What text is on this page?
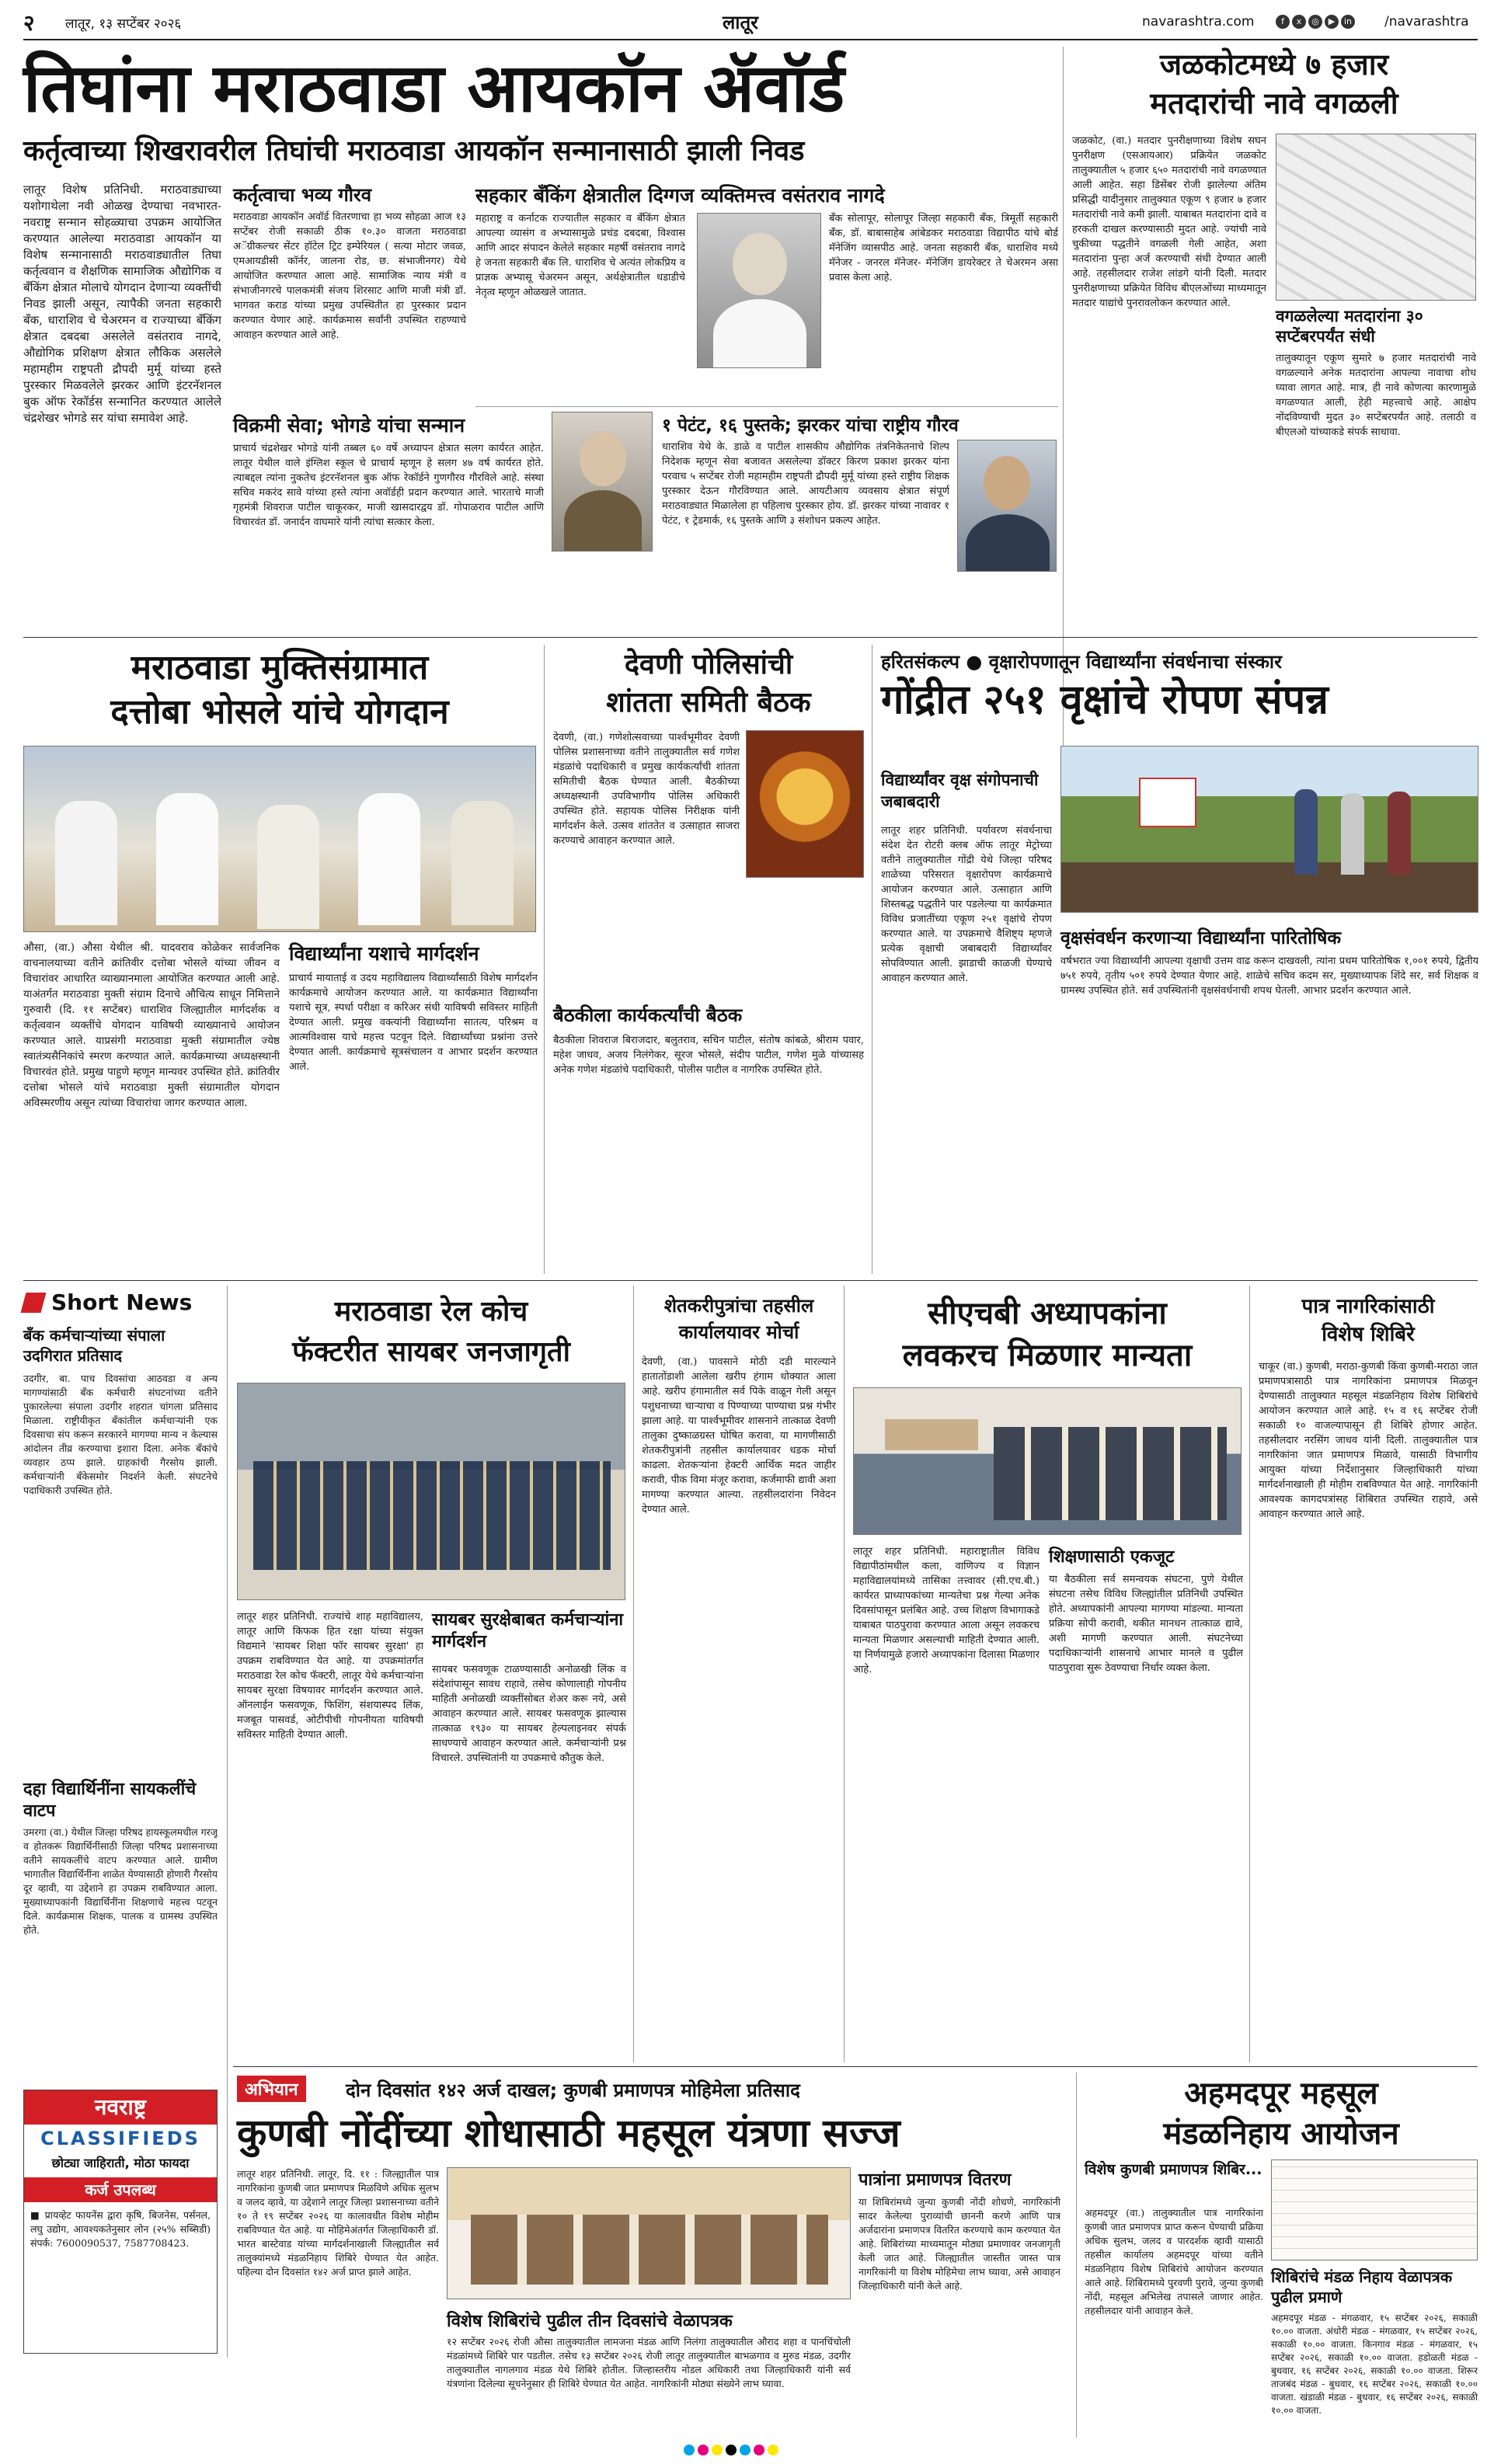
२ लातूर, १३ सप्टेंबर २०२६	लातूर	navarashtra.com	f x ◎ ▶ in	/navarashtra
तिघांना मराठवाडा आयकॉन ॲवॉर्ड
कर्तृत्वाच्या शिखरावरील तिघांची मराठवाडा आयकॉन सन्मानासाठी झाली निवड
जळकोटमध्ये ७ हजार
मतदारांची नावे वगळली
लातूर विशेष प्रतिनिधी. मराठवाड्याच्या यशोगाथेला नवी ओळख देण्याचा नवभारत-नवराष्ट्र सन्मान सोहळ्याचा उपक्रम आयोजित करण्यात आलेल्या मराठवाडा आयकॉन या विशेष सन्मानासाठी मराठवाड्यातील तिघा कर्तृत्ववान व शैक्षणिक सामाजिक औद्योगिक व बँकिंग क्षेत्रात मोलाचे योगदान देणाऱ्या व्यक्तींची निवड झाली असून, त्यापैकी जनता सहकारी बँक, धाराशिव चे चेअरमन व राज्याच्या बँकिंग क्षेत्रात दबदबा असलेले वसंतराव नागदे, औद्योगिक प्रशिक्षण क्षेत्रात लौकिक असलेले महामहीम राष्ट्रपती द्रौपदी मुर्मू यांच्या हस्ते पुरस्कार मिळवलेले झरकर आणि इंटरनॅशनल बुक ऑफ रेकॉर्डस सन्मानित करण्यात आलेले चंद्रशेखर भोगडे सर यांचा समावेश आहे.
कर्तृत्वाचा भव्य गौरव
मराठवाडा आयकॉन अवॉर्ड वितरणाचा हा भव्य सोहळा आज १३ सप्टेंबर रोजी सकाळी ठीक १०.३० वाजता मराठवाडा अॅग्रीकल्चर सेंटर हॉटेल ट्रिट इम्पेरियल ( सत्या मोटार जवळ, एमआयडीसी कॉर्नर, जालना रोड, छ. संभाजीनगर) येथे आयोजित करण्यात आला आहे. सामाजिक न्याय मंत्री व संभाजीनगरचे पालकमंत्री संजय शिरसाट आणि माजी मंत्री डॉ. भागवत कराड यांच्या प्रमुख उपस्थितीत हा पुरस्कार प्रदान करण्यात येणार आहे. कार्यक्रमास सर्वांनी उपस्थित राहण्याचे आवाहन करण्यात आले आहे.
सहकार बँकिंग क्षेत्रातील दिग्गज व्यक्तिमत्त्व वसंतराव नागदे
महाराष्ट्र व कर्नाटक राज्यातील सहकार व बँकिंग क्षेत्रात आपल्या व्यासंग व अभ्यासामुळे प्रचंड दबदबा, विश्वास आणि आदर संपादन केलेले सहकार महर्षी वसंतराव नागदे हे जनता सहकारी बँक लि. धाराशिव चे अत्यंत लोकप्रिय व प्राज्ञक अभ्यासू चेअरमन असून, अर्थक्षेत्रातील धडाडीचे नेतृत्व म्हणून ओळखले जातात.
बँक सोलापूर, सोलापूर जिल्हा सहकारी बँक, त्रिमूर्ती सहकारी बँक, डॉ. बाबासाहेब आंबेडकर मराठवाडा विद्यापीठ यांचे बोर्ड मॅनेजिंग व्यासपीठ आहे. जनता सहकारी बँक, धाराशिव मध्ये मॅनेजर - जनरल मॅनेजर- मॅनेजिंग डायरेक्टर ते चेअरमन असा प्रवास केला आहे.
विक्रमी सेवा; भोगडे यांचा सन्मान
प्राचार्य चंद्रशेखर भोगडे यांनी तब्बल ६० वर्षे अध्यापन क्षेत्रात सलग कार्यरत आहेत. लातूर येथील वाले इंग्लिश स्कूल चे प्राचार्य म्हणून हे सलग ४७ वर्ष कार्यरत होते. त्याबद्दल त्यांना नुकतेच इंटरनॅशनल बुक ऑफ रेकॉर्डने गुणगौरव गौरविले आहे. संस्था सचिव मकरंद सावे यांच्या हस्ते त्यांना अवॉर्डही प्रदान करण्यात आले. भारताचे माजी गृहमंत्री शिवराज पाटील चाकूरकर, माजी खासदारद्वय डॉ. गोपाळराव पाटील आणि विचारवंत डॉ. जनार्दन वाघमारे यांनी त्यांचा सत्कार केला.
१ पेटंट, १६ पुस्तके; झरकर यांचा राष्ट्रीय गौरव
धाराशिव येथे के. डाळे व पाटील शासकीय औद्योगिक तंत्रनिकेतनाचे शिल्प निदेशक म्हणून सेवा बजावत असलेल्या डॉक्टर किरण प्रकाश झरकर यांना परवाच ५ सप्टेंबर रोजी महामहीम राष्ट्रपती द्रौपदी मुर्मू यांच्या हस्ते राष्ट्रीय शिक्षक पुरस्कार देऊन गौरविण्यात आले. आयटीआय व्यवसाय क्षेत्रात संपूर्ण मराठवाड्यात मिळालेला हा पहिलाच पुरस्कार होय. डॉ. झरकर यांच्या नावावर १ पेटंट, १ ट्रेडमार्क, १६ पुस्तके आणि ३ संशोधन प्रकल्प आहेत.
जळकोट, (वा.) मतदार पुनरीक्षणाच्या विशेष सघन पुनरीक्षण (एसआयआर) प्रक्रियेत जळकोट तालुक्यातील ५ हजार ६५० मतदारांची नावे वगळण्यात आली आहेत. सहा डिसेंबर रोजी झालेल्या अंतिम प्रसिद्धी यादीनुसार तालुक्यात एकूण ९ हजार ७ हजार मतदारांची नावे कमी झाली. याबाबत मतदारांना दावे व हरकती दाखल करण्यासाठी मुदत आहे. ज्यांची नावे चुकीच्या पद्धतीने वगळली गेली आहेत, अशा मतदारांना पुन्हा अर्ज करण्याची संधी देण्यात आली आहे. तहसीलदार राजेश लांडगे यांनी दिली. मतदार पुनरीक्षणाच्या प्रक्रियेत विविध बीएलओंच्या माध्यमातून मतदार याद्यांचे पुनरावलोकन करण्यात आले.
वगळलेल्या मतदारांना ३० सप्टेंबरपर्यंत संधी
तालुक्यातून एकूण सुमारे ७ हजार मतदारांची नावे वगळल्याने अनेक मतदारांना आपल्या नावाचा शोध घ्यावा लागत आहे. मात्र, ही नावे कोणत्या कारणामुळे वगळण्यात आली, हेही महत्त्वाचे आहे. आक्षेप नोंदविण्याची मुदत ३० सप्टेंबरपर्यंत आहे. तलाठी व बीएलओ यांच्याकडे संपर्क साधावा.
मराठवाडा मुक्तिसंग्रामात
दत्तोबा भोसले यांचे योगदान
औसा, (वा.) औसा येथील श्री. यादवराव कोळेकर सार्वजनिक वाचनालयाच्या वतीने क्रांतिवीर दत्तोबा भोसले यांच्या जीवन व विचारांवर आधारित व्याख्यानमाला आयोजित करण्यात आली आहे. याअंतर्गत मराठवाडा मुक्ती संग्राम दिनाचे औचित्य साधून निमित्ताने गुरुवारी (दि. ११ सप्टेंबर) धाराशिव जिल्ह्यातील मार्गदर्शक व कर्तृत्ववान व्यक्तींचे योगदान याविषयी व्याख्यानाचे आयोजन करण्यात आले. याप्रसंगी मराठवाडा मुक्ती संग्रामातील ज्येष्ठ स्वातंत्र्यसैनिकांचे स्मरण करण्यात आले. कार्यक्रमाच्या अध्यक्षस्थानी विचारवंत होते. प्रमुख पाहुणे म्हणून मान्यवर उपस्थित होते. क्रांतिवीर दत्तोबा भोसले यांचे मराठवाडा मुक्ती संग्रामातील योगदान अविस्मरणीय असून त्यांच्या विचारांचा जागर करण्यात आला.
विद्यार्थ्यांना यशाचे मार्गदर्शन
प्राचार्य मायाताई व उदय महाविद्यालय विद्यार्थ्यांसाठी विशेष मार्गदर्शन कार्यक्रमाचे आयोजन करण्यात आले. या कार्यक्रमात विद्यार्थ्यांना यशाचे सूत्र, स्पर्धा परीक्षा व करिअर संधी याविषयी सविस्तर माहिती देण्यात आली. प्रमुख वक्त्यांनी विद्यार्थ्यांना सातत्य, परिश्रम व आत्मविश्वास याचे महत्त्व पटवून दिले. विद्यार्थ्यांच्या प्रश्नांना उत्तरे देण्यात आली. कार्यक्रमाचे सूत्रसंचालन व आभार प्रदर्शन करण्यात आले.
देवणी पोलिसांची
शांतता समिती बैठक
देवणी, (वा.) गणेशोत्सवाच्या पार्श्वभूमीवर देवणी पोलिस प्रशासनाच्या वतीने तालुक्यातील सर्व गणेश मंडळांचे पदाधिकारी व प्रमुख कार्यकर्त्यांची शांतता समितीची बैठक घेण्यात आली. बैठकीच्या अध्यक्षस्थानी उपविभागीय पोलिस अधिकारी उपस्थित होते. सहायक पोलिस निरीक्षक यांनी मार्गदर्शन केले. उत्सव शांततेत व उत्साहात साजरा करण्याचे आवाहन करण्यात आले.
बैठकीला कार्यकर्त्यांची बैठक
बैठकीला शिवराज बिराजदार, बलुतराव, सचिन पाटील, संतोष कांबळे, श्रीराम पवार, महेश जाधव, अजय निलंगेकर, सूरज भोसले, संदीप पाटील, गणेश मुळे यांच्यासह अनेक गणेश मंडळांचे पदाधिकारी, पोलीस पाटील व नागरिक उपस्थित होते.
हरितसंकल्प ● वृक्षारोपणातून विद्यार्थ्यांना संवर्धनाचा संस्कार
गोंद्रीत २५१ वृक्षांचे रोपण संपन्न
विद्यार्थ्यांवर वृक्ष संगोपनाची जबाबदारी
लातूर शहर प्रतिनिधी. पर्यावरण संवर्धनाचा संदेश देत रोटरी क्लब ऑफ लातूर मेट्रोच्या वतीने तालुक्यातील गोंद्री येथे जिल्हा परिषद शाळेच्या परिसरात वृक्षारोपण कार्यक्रमाचे आयोजन करण्यात आले. उत्साहात आणि शिस्तबद्ध पद्धतीने पार पडलेल्या या कार्यक्रमात विविध प्रजातींच्या एकूण २५१ वृक्षांचे रोपण करण्यात आले. या उपक्रमाचे वैशिष्ट्य म्हणजे प्रत्येक वृक्षाची जबाबदारी विद्यार्थ्यांवर सोपविण्यात आली. झाडाची काळजी घेण्याचे आवाहन करण्यात आले.
वृक्षसंवर्धन करणाऱ्या विद्यार्थ्यांना पारितोषिक
वर्षभरात ज्या विद्यार्थ्यांनी आपल्या वृक्षाची उत्तम वाढ करून दाखवली, त्यांना प्रथम पारितोषिक १,००१ रुपये, द्वितीय ७५१ रुपये, तृतीय ५०१ रुपये देण्यात येणार आहे. शाळेचे सचिव कदम सर, मुख्याध्यापक शिंदे सर, सर्व शिक्षक व ग्रामस्थ उपस्थित होते. सर्व उपस्थितांनी वृक्षसंवर्धनाची शपथ घेतली. आभार प्रदर्शन करण्यात आले.
Short News
बँक कर्मचाऱ्यांच्या संपाला उदगिरात प्रतिसाद
उदगीर, बा. पाच दिवसांचा आठवडा व अन्य मागण्यांसाठी बँक कर्मचारी संघटनांच्या वतीने पुकारलेल्या संपाला उदगीर शहरात चांगला प्रतिसाद मिळाला. राष्ट्रीयीकृत बँकांतील कर्मचाऱ्यांनी एक दिवसाचा संप करून सरकारने मागण्या मान्य न केल्यास आंदोलन तीव्र करण्याचा इशारा दिला. अनेक बँकांचे व्यवहार ठप्प झाले. ग्राहकांची गैरसोय झाली. कर्मचाऱ्यांनी बँकेसमोर निदर्शने केली. संघटनेचे पदाधिकारी उपस्थित होते.
दहा विद्यार्थिनींना सायकलींचे वाटप
उमरगा (वा.) येथील जिल्हा परिषद हायस्कूलमधील गरजू व होतकरू विद्यार्थिनींसाठी जिल्हा परिषद प्रशासनाच्या वतीने सायकलींचे वाटप करण्यात आले. ग्रामीण भागातील विद्यार्थिनींना शाळेत येण्यासाठी होणारी गैरसोय दूर व्हावी, या उद्देशाने हा उपक्रम राबविण्यात आला. मुख्याध्यापकांनी विद्यार्थिनींना शिक्षणाचे महत्त्व पटवून दिले. कार्यक्रमास शिक्षक, पालक व ग्रामस्थ उपस्थित होते.
नवराष्ट्र
CLASSIFIEDS
छोट्या जाहिराती, मोठा फायदा
कर्ज उपलब्ध
■ प्रायव्हेट फायनेंस द्वारा कृषि, बिजनेस, पर्सनल, लघु उद्योग, आवश्यकतेनुसार लोन (२५% सब्सिडी) संपर्क: 7600090537, 7587708423.
मराठवाडा रेल कोच
फॅक्टरीत सायबर जनजागृती
लातूर शहर प्रतिनिधी. राज्यांचे शाह महाविद्यालय, लातूर आणि किफक हित रक्षा यांच्या संयुक्त विद्यमाने 'सायबर शिक्षा फॉर सायबर सुरक्षा' हा उपक्रम राबविण्यात येत आहे. या उपक्रमांतर्गत मराठवाडा रेल कोच फॅक्टरी, लातूर येथे कर्मचाऱ्यांना सायबर सुरक्षा विषयावर मार्गदर्शन करण्यात आले. ऑनलाईन फसवणूक, फिशिंग, संशयास्पद लिंक, मजबूत पासवर्ड, ओटीपीची गोपनीयता याविषयी सविस्तर माहिती देण्यात आली.
सायबर सुरक्षेबाबत कर्मचाऱ्यांना मार्गदर्शन
सायबर फसवणूक टाळण्यासाठी अनोळखी लिंक व संदेशांपासून सावध राहावे, तसेच कोणालाही गोपनीय माहिती अनोळखी व्यक्तींसोबत शेअर करू नये, असे आवाहन करण्यात आले. सायबर फसवणूक झाल्यास तात्काळ १९३० या सायबर हेल्पलाइनवर संपर्क साधण्याचे आवाहन करण्यात आले. कर्मचाऱ्यांनी प्रश्न विचारले. उपस्थितांनी या उपक्रमाचे कौतुक केले.
शेतकरीपुत्रांचा तहसील
कार्यालयावर मोर्चा
देवणी, (वा.) पावसाने मोठी दडी मारल्याने हातातोंडाशी आलेला खरीप हंगाम धोक्यात आला आहे. खरीप हंगामातील सर्व पिके वाळून गेली असून पशुधनाच्या चाऱ्याचा व पिण्याच्या पाण्याचा प्रश्न गंभीर झाला आहे. या पार्श्वभूमीवर शासनाने तात्काळ देवणी तालुका दुष्काळग्रस्त घोषित करावा, या मागणीसाठी शेतकरीपुत्रांनी तहसील कार्यालयावर धडक मोर्चा काढला. शेतकऱ्यांना हेक्टरी आर्थिक मदत जाहीर करावी, पीक विमा मंजूर करावा, कर्जमाफी द्यावी अशा मागण्या करण्यात आल्या. तहसीलदारांना निवेदन देण्यात आले.
सीएचबी अध्यापकांना
लवकरच मिळणार मान्यता
लातूर शहर प्रतिनिधी. महाराष्ट्रातील विविध विद्यापीठांमधील कला, वाणिज्य व विज्ञान महाविद्यालयांमध्ये तासिका तत्त्वावर (सी.एच.बी.) कार्यरत प्राध्यापकांच्या मान्यतेचा प्रश्न गेल्या अनेक दिवसांपासून प्रलंबित आहे. उच्च शिक्षण विभागाकडे याबाबत पाठपुरावा करण्यात आला असून लवकरच मान्यता मिळणार असल्याची माहिती देण्यात आली. या निर्णयामुळे हजारो अध्यापकांना दिलासा मिळणार आहे.
शिक्षणासाठी एकजूट
या बैठकीला सर्व समन्वयक संघटना, पुणे येथील संघटना तसेच विविध जिल्ह्यांतील प्रतिनिधी उपस्थित होते. अध्यापकांनी आपल्या मागण्या मांडल्या. मान्यता प्रक्रिया सोपी करावी, थकीत मानधन तात्काळ द्यावे, अशी मागणी करण्यात आली. संघटनेच्या पदाधिकाऱ्यांनी शासनाचे आभार मानले व पुढील पाठपुरावा सुरू ठेवण्याचा निर्धार व्यक्त केला.
पात्र नागरिकांसाठी
विशेष शिबिरे
चाकूर (वा.) कुणबी, मराठा-कुणबी किंवा कुणबी-मराठा जात प्रमाणपत्रासाठी पात्र नागरिकांना प्रमाणपत्र मिळवून देण्यासाठी तालुक्यात महसूल मंडळनिहाय विशेष शिबिरांचे आयोजन करण्यात आले आहे. १५ व १६ सप्टेंबर रोजी सकाळी १० वाजल्यापासून ही शिबिरे होणार आहेत. तहसीलदार नरसिंग जाधव यांनी दिली. तालुक्यातील पात्र नागरिकांना जात प्रमाणपत्र मिळावे, यासाठी विभागीय आयुक्त यांच्या निर्देशानुसार जिल्हाधिकारी यांच्या मार्गदर्शनाखाली ही मोहीम राबविण्यात येत आहे. नागरिकांनी आवश्यक कागदपत्रांसह शिबिरात उपस्थित राहावे, असे आवाहन करण्यात आले आहे.
अभियान	दोन दिवसांत १४२ अर्ज दाखल; कुणबी प्रमाणपत्र मोहिमेला प्रतिसाद
कुणबी नोंदींच्या शोधासाठी महसूल यंत्रणा सज्ज
लातूर शहर प्रतिनिधी. लातूर, दि. ११ : जिल्ह्यातील पात्र नागरिकांना कुणबी जात प्रमाणपत्र मिळविणे अधिक सुलभ व जलद व्हावे, या उद्देशाने लातूर जिल्हा प्रशासनाच्या वतीने १० ते १९ सप्टेंबर २०२६ या कालावधीत विशेष मोहीम राबविण्यात येत आहे. या मोहिमेअंतर्गत जिल्हाधिकारी डॉ. भारत बास्टेवाड यांच्या मार्गदर्शनाखाली जिल्ह्यातील सर्व तालुक्यांमध्ये मंडळनिहाय शिबिरे घेण्यात येत आहेत. पहिल्या दोन दिवसांत १४२ अर्ज प्राप्त झाले आहेत.
विशेष शिबिरांचे पुढील तीन दिवसांचे वेळापत्रक
१२ सप्टेंबर २०२६ रोजी औसा तालुक्यातील लामजना मंडळ आणि निलंगा तालुक्यातील औराद शहा व पानचिंचोली मंडळांमध्ये शिबिरे पार पडतील. तसेच १३ सप्टेंबर २०२६ रोजी लातूर तालुक्यातील बाभळगाव व मुरुड मंडळ, उदगीर तालुक्यातील नागलगाव मंडळ येथे शिबिरे होतील. जिल्हास्तरीय नोडल अधिकारी तथा जिल्हाधिकारी यांनी सर्व यंत्रणांना दिलेल्या सूचनेनुसार ही शिबिरे घेण्यात येत आहेत. नागरिकांनी मोठ्या संख्येने लाभ घ्यावा.
पात्रांना प्रमाणपत्र वितरण
या शिबिरांमध्ये जुन्या कुणबी नोंदी शोधणे, नागरिकांनी सादर केलेल्या पुराव्यांची छाननी करणे आणि पात्र अर्जदारांना प्रमाणपत्र वितरित करण्याचे काम करण्यात येत आहे. शिबिरांच्या माध्यमातून मोठ्या प्रमाणावर जनजागृती केली जात आहे. जिल्ह्यातील जास्तीत जास्त पात्र नागरिकांनी या विशेष मोहिमेचा लाभ घ्यावा, असे आवाहन जिल्हाधिकारी यांनी केले आहे.
अहमदपूर महसूल
मंडळनिहाय आयोजन
विशेष कुणबी प्रमाणपत्र शिबिर...
अहमदपूर (वा.) तालुक्यातील पात्र नागरिकांना कुणबी जात प्रमाणपत्र प्राप्त करून घेण्याची प्रक्रिया अधिक सुलभ, जलद व पारदर्शक व्हावी यासाठी तहसील कार्यालय अहमदपूर यांच्या वतीने मंडळनिहाय विशेष शिबिरांचे आयोजन करण्यात आले आहे. शिबिरामध्ये पुरवणी पुरावे, जुन्या कुणबी नोंदी, महसूल अभिलेख तपासले जाणार आहेत. तहसीलदार यांनी आवाहन केले.
शिबिरांचे मंडळ निहाय वेळापत्रक पुढील प्रमाणे
अहमदपूर मंडळ - मंगळवार, १५ सप्टेंबर २०२६, सकाळी १०.०० वाजता. अंधोरी मंडळ - मंगळवार, १५ सप्टेंबर २०२६, सकाळी १०.०० वाजता. किनगाव मंडळ - मंगळवार, १५ सप्टेंबर २०२६, सकाळी १०.०० वाजता. हडोळती मंडळ - बुधवार, १६ सप्टेंबर २०२६, सकाळी १०.०० वाजता. शिरूर ताजबंद मंडळ - बुधवार, १६ सप्टेंबर २०२६, सकाळी १०.०० वाजता. खंडाळी मंडळ - बुधवार, १६ सप्टेंबर २०२६, सकाळी १०.०० वाजता.
